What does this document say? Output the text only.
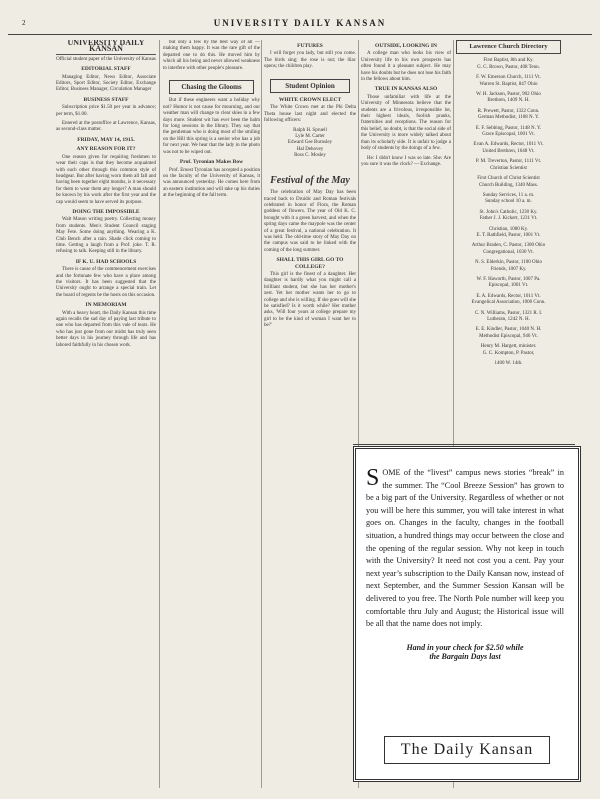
2	UNIVERSITY DAILY KANSAN
UNIVERSITY DAILY KANSAN
Official student paper of the University of Kansas
EDITORIAL STAFF

Managing Editor, News Editor, Associate Editors, Sport Editor, Society Editor, Exchange Editor, Business Manager, Circulation Manager

BUSINESS STAFF

Subscription price $1.50 per year in advance; per term, $1.00.

Entered at the postoffice at Lawrence, Kansas, as second-class matter.

FRIDAY, MAY 14, 1915.
ANY REASON FOR IT?

One reason given for requiring freshmen to wear their caps is that they become acquainted with each other through this common style of headgear. But after having worn them all fall and having been together eight months, is it necessary for them to wear them any longer? A man should be known by his work after the first year and the cap would seem to have served its purpose.

DOING THE IMPOSSIBLE

Walt Mason writing poetry. Collecting money from students. Men's Student Council staging May Fete. Some doing anything. Wearing a K. Club Bench after a rain. Shade click coming to time. Getting a laugh from a Prof. joke. T. R. refusing to talk. Keeping still in the library.

IF K. U. HAD SCHOOLS

There is cause of the commencement exercises and the fortunate few who have a place among the visitors. It has been suggested that the University ought to arrange a special train. Let the board of regents be the hosts on this occasion.

IN MEMORIAM

With a heavy heart, the Daily Kansan this time again recalls the sad day of paying last tribute to one who has departed from this vale of tears. He who has just gone from our midst has truly seen better days in his journey through life and has labored faithfully in his chosen work.

but only a few by the best way of all — making them happy. It was the rare gift of the departed one to do this. He moved him by which all his being and never allowed weakness to interfere with other people's pleasure.

Chasing the Glooms

But if these engineers want a holiday why not? Humor is not cause for mourning, and our weather man will change to clear skies in a few days more. Student wit has ever been the balm for long sessions in the library. They say that the gentleman who is doing most of the smiling on the Hill this spring is a senior who has a job for next year. We hear that the lady in the photo was not to be wiped out.

Prof. Tyronian Makes Bow

Prof. Ernest Tyronian has accepted a position on the faculty of the University of Kansas, it was announced yesterday. He comes here from an eastern institution and will take up his duties at the beginning of the fall term.

FUTURES

I will forget you lady, but still you come. The birds sing; the rose is out; the lilac opens; the children play.

Student Opinion
WHITE CROWN ELECT

The White Crown met at the Phi Delta Theta house last night and elected the following officers:

Ralph H. Spruell
Lyle M. Carter
Edward Gee Burnsley
Hal Dehovey
Ross C. Mosley
Festival of the May

The celebration of May Day has been traced back to Druidic and Roman festivals celebrated in honor of Flora, the Roman goddess of flowers. The year of Old K. C. brought with it a green harvest, and when the spring days came the maypole was the center of a great festival, a national celebration. It was held. The old-time story of May Day on the campus was said to be linked with the coming of the long summer.

SHALL THIS GIRL GO TO COLLEGE?

This girl is the finest of a daughter. Her daughter is hardly what you might call a brilliant student, but she has her mother's zest. Yet her mother wants her to go to college and she is willing. If she goes will she be satisfied? Is it worth while? Her mother asks, 'Will four years at college prepare my girl to be the kind of woman I want her to be?'

OUTSIDE, LOOKING IN

A college man who looks his view of University life to his own prospects has often found it a pleasant subject. He may have his doubts but he does not lose his faith in the fellows about him.

TRUE IN KANSAS ALSO

Those unfamiliar with life at the University of Minnesota believe that the students are a frivolous, irresponsible lot, their highest ideals, foolish pranks, fraternities and receptions. The reason for this belief, no doubt, is that the social side of the University is more widely talked about than its scholarly side. It is unfair to judge a body of students by the doings of a few.

He: I didn't know I was so late. She: Are you sure it was the clock? — Exchange.

Lawrence Church Directory
First Baptist, 8th and Ky.
G. C. Brown, Pastor, 408 Tenn.
F. W. Emerson Church, 1111 Vt.
Warren St. Baptist, 847 Ohio
W. H. Jackson, Pastor, 902 Ohio
Brethren, 1409 N. H.
R. Prewett, Pastor, 1322 Conn.
German Methodist, 1108 N. Y.
E. F. Sebbing, Pastor, 1148 N. Y.
Grace Episcopal, 1001 Vt.
Evan A. Edwards, Rector, 1011 Vt.
United Brethren, 1648 Vt.
P. M. Treverton, Pastor, 1111 Vt.
Christian Scientist
First Church of Christ Scientist
Church Building, 1340 Mass.
Sunday Services, 11 a. m.
Sunday school 10 a. m.
St. John's Catholic, 1230 Ky.
Father J. J. Kickert, 1231 Vt.
Christian, 1000 Ky.
E. T. Rathfield, Pastor, 1001 Vt.
Arthur Braden, C. Pastor, 1300 Ohio
Congregational, 1030 Vt.
N. S. Elderkin, Pastor, 1100 Ohio
Friends, 1007 Ky.
W. F. Haworth, Pastor, 1007 Pa.
Episcopal, 1001 Vt.
E. A. Edwards, Rector, 1011 Vt.
Evangelical Association, 1000 Conn.
C. N. Williams, Pastor, 1321 R. I.
Lutheran, 1242 N. H.
E. E. Kindler, Pastor, 1040 N. H.
Methodist Episcopal, 946 Vt.
Henry M. Hargett, minister.
G. C. Kompton, P. Pastor,
1400 W. 14th.
SOME of the “livest” campus news stories “break” in the summer. The “Cool Breeze Session” has grown to be a big part of the University. Regardless of whether or not you will be here this summer, you will take interest in what goes on. Changes in the faculty, changes in the football situation, a hundred things may occur between the close and the opening of the regular session. Why not keep in touch with the University? It need not cost you a cent. Pay your next year’s subscription to the Daily Kansan now, instead of next September, and the Summer Session Kansan will be delivered to you free. The North Pole number will keep you comfortable thru July and August; the Historical issue will be all that the name does not imply.
Hand in your check for $2.50 while
the Bargain Days last
The Daily Kansan
